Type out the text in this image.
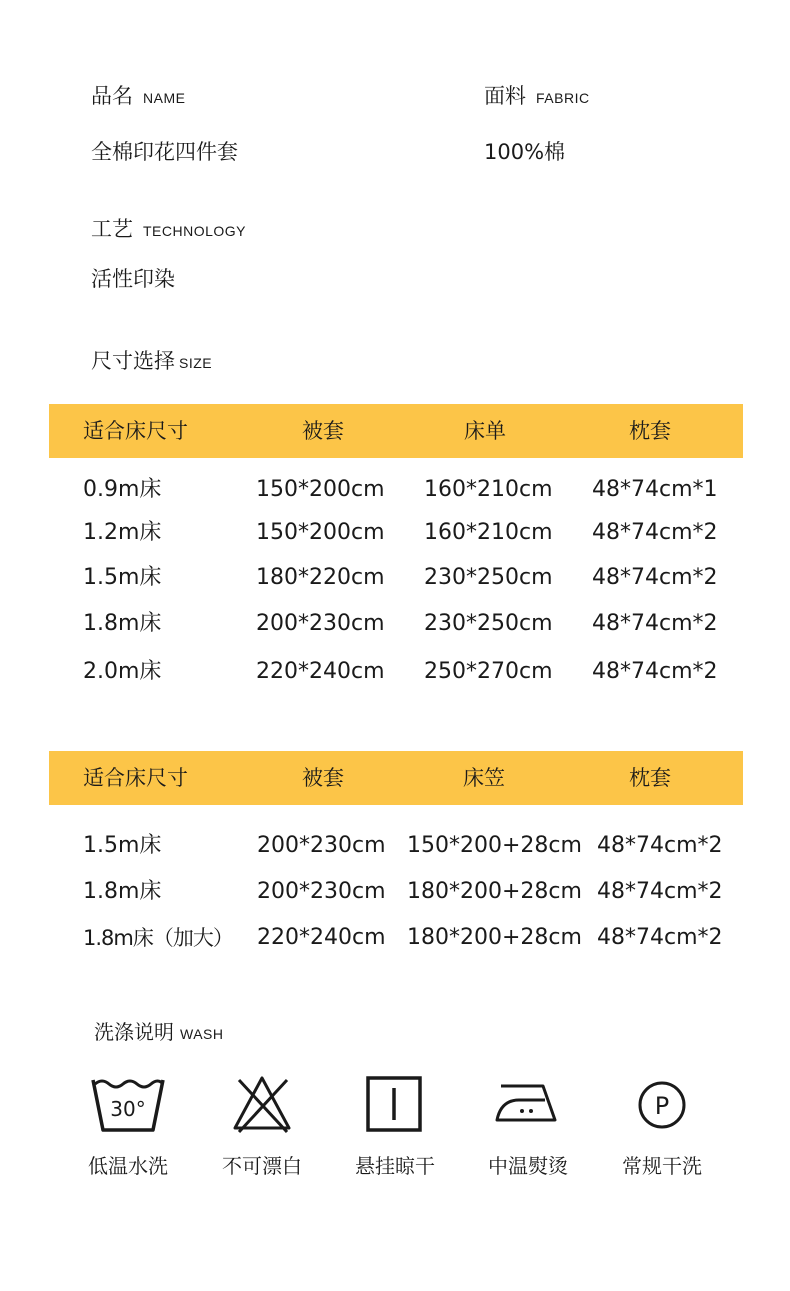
品名 NAME
全棉印花四件套
面料 FABRIC
100%棉
工艺 TECHNOLOGY
活性印染
尺寸选择 SIZE
适合床尺寸	被套	床单	枕套
0.9m床	150*200cm 160*210cm 48*74cm*1
1.2m床	150*200cm 160*210cm 48*74cm*2
1.5m床	180*220cm 230*250cm 48*74cm*2
1.8m床	200*230cm 230*250cm 48*74cm*2
2.0m床	220*240cm 250*270cm 48*74cm*2
适合床尺寸	被套	床笠	枕套
1.5m床	200*230cm 150*200+28cm 48*74cm*2
1.8m床	200*230cm 180*200+28cm 48*74cm*2
1.8m床（加大） 220*240cm 180*200+28cm 48*74cm*2
洗涤说明 WASH
30°
低温水洗	不可漂白	悬挂晾干	中温熨烫
P
常规干洗
